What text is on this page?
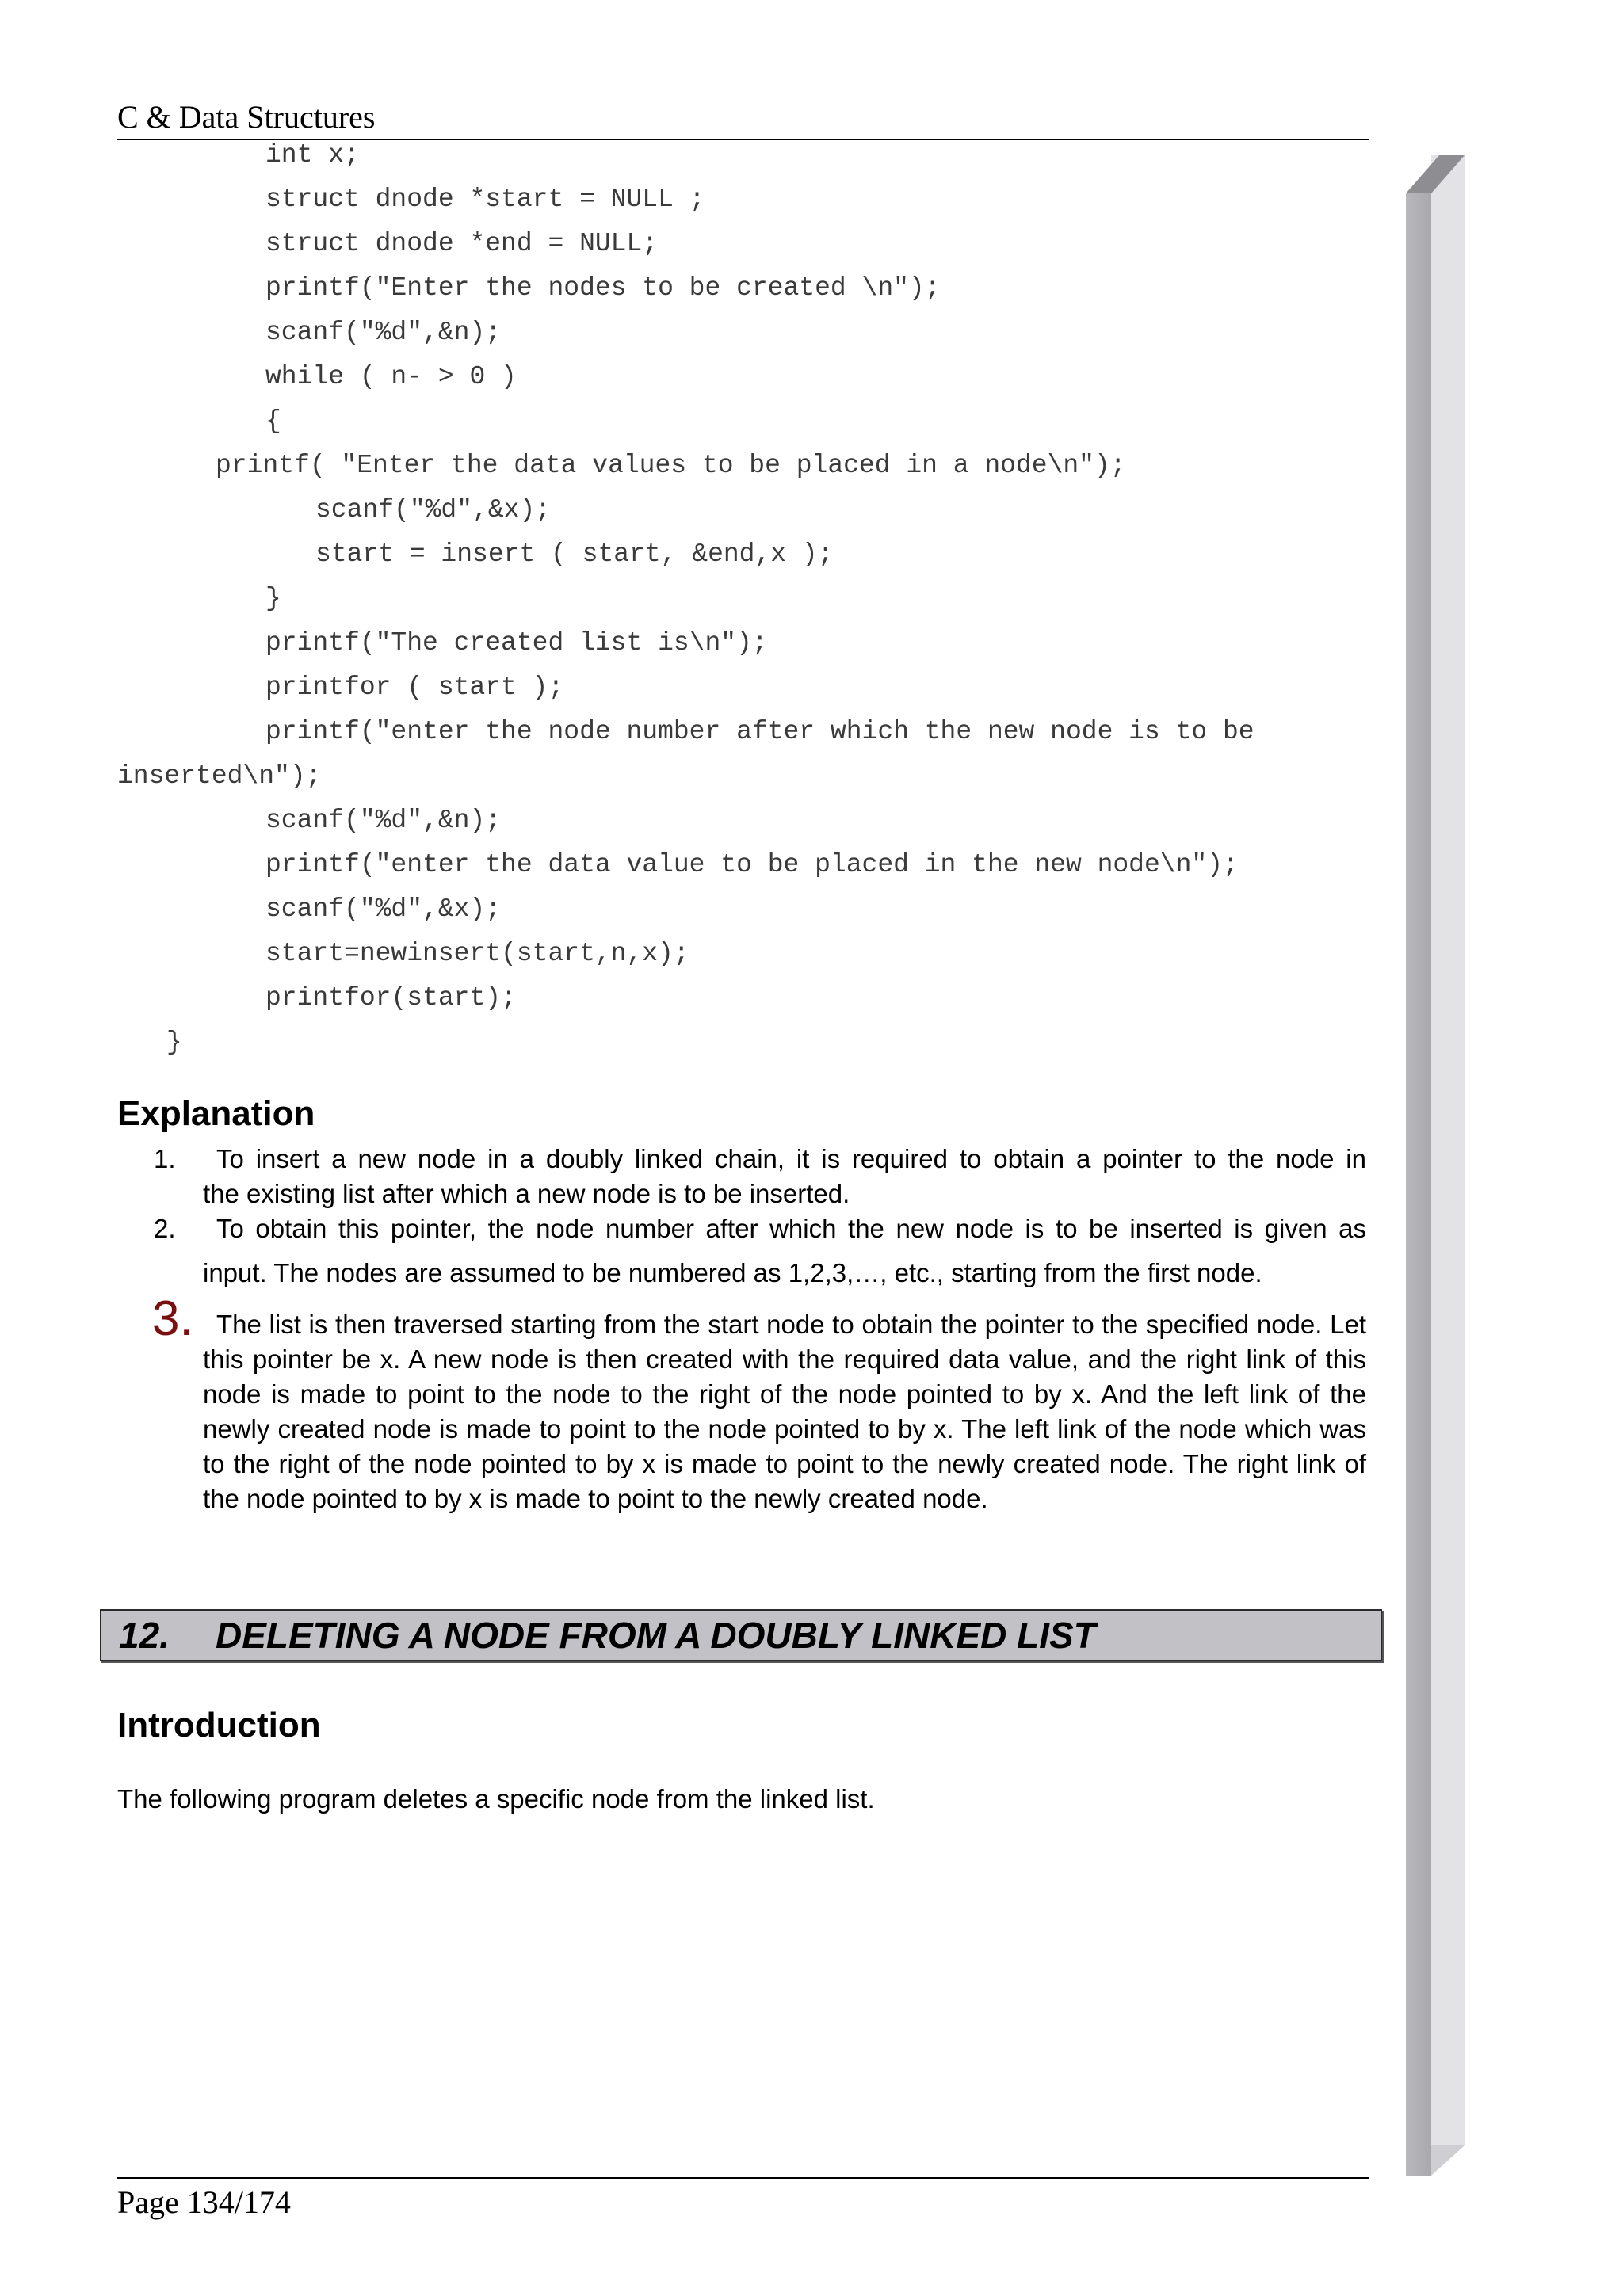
C & Data Structures
int x;
struct dnode *start = NULL ;
struct dnode *end = NULL;
printf("Enter the nodes to be created \n");
scanf("%d",&n);
while ( n- > 0 )
{
printf( "Enter the data values to be placed in a node\n");
scanf("%d",&x);
start = insert ( start, &end,x );
}
printf("The created list is\n");
printfor ( start );
printf("enter the node number after which the new node is to be
inserted\n");
scanf("%d",&n);
printf("enter the data value to be placed in the new node\n");
scanf("%d",&x);
start=newinsert(start,n,x);
printfor(start);
}
Explanation
1.	To insert a new node in a doubly linked chain, it is required to obtain a pointer to the node in

the existing list after which a new node is to be inserted.

2.	To obtain this pointer, the node number after which the new node is to be inserted is given as

input. The nodes are assumed to be numbered as 1,2,3,…, etc., starting from the first node.

3. The list is then traversed starting from the start node to obtain the pointer to the specified node. Let this pointer be x. A new node is then created with the required data value, and the right link of this node is made to point to the node to the right of the node pointed to by x. And the left link of the newly created node is made to point to the node pointed to by x. The left link of the node which was to the right of the node pointed to by x is made to point to the newly created node. The right link of the node pointed to by x is made to point to the newly created node.

12. DELETING A NODE FROM A DOUBLY LINKED LIST
Introduction
The following program deletes a specific node from the linked list.
Page 134/174
